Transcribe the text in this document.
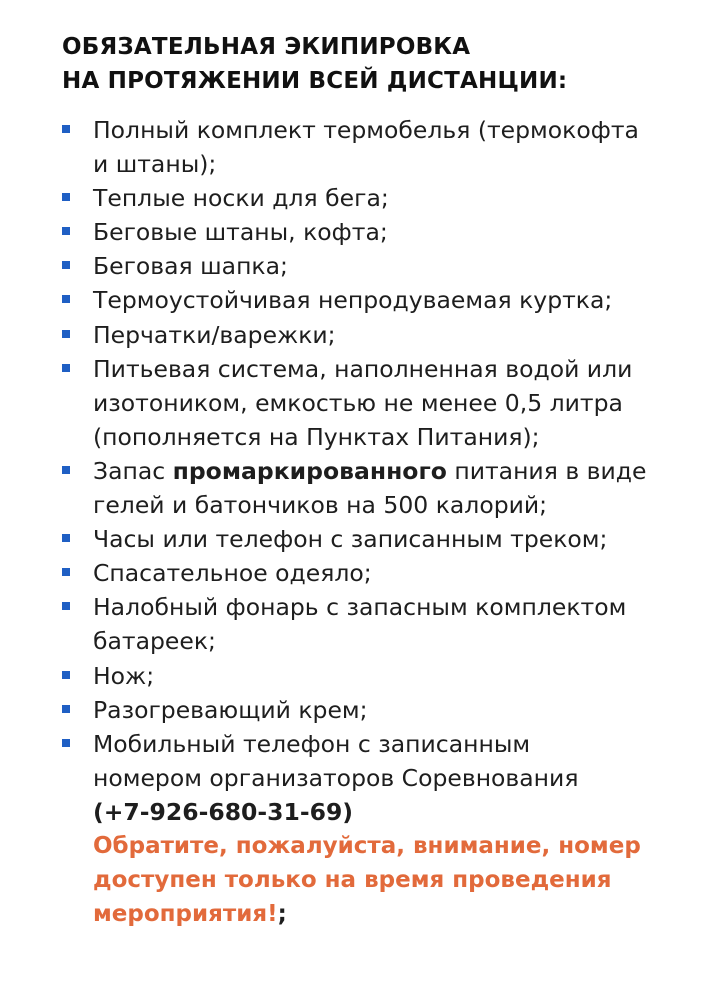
ОБЯЗАТЕЛЬНАЯ ЭКИПИРОВКА
НА ПРОТЯЖЕНИИ ВСЕЙ ДИСТАНЦИИ:
Полный комплект термобелья (термокофта
и штаны);
Теплые носки для бега;
Беговые штаны, кофта;
Беговая шапка;
Термоустойчивая непродуваемая куртка;
Перчатки/варежки;
Питьевая система, наполненная водой или
изотоником, емкостью не менее 0,5 литра
(пополняется на Пунктах Питания);
Запас промаркированного питания в виде
гелей и батончиков на 500 калорий;
Часы или телефон с записанным треком;
Спасательное одеяло;
Налобный фонарь с запасным комплектом
батареек;
Нож;
Разогревающий крем;
Мобильный телефон с записанным
номером организаторов Соревнования
(+7-926-680-31-69)
Обратите, пожалуйста, внимание, номер
доступен только на время проведения
мероприятия!;
